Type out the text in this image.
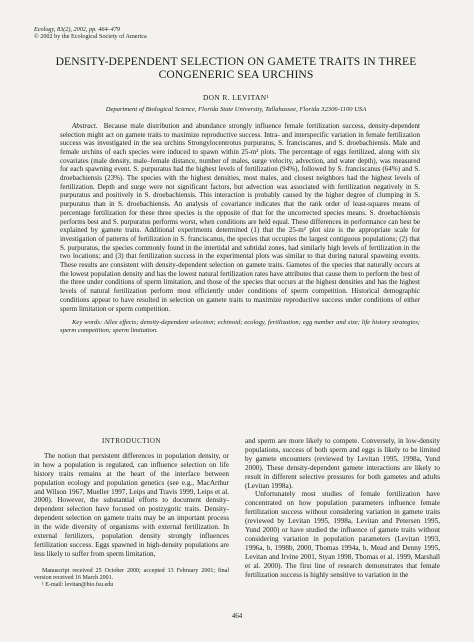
Ecology, 83(2), 2002, pp. 464–479
© 2002 by the Ecological Society of America
DENSITY-DEPENDENT SELECTION ON GAMETE TRAITS IN THREE
CONGENERIC SEA URCHINS
DON R. LEVITAN¹
Department of Biological Science, Florida State University, Tallahassee, Florida 32306-1100 USA

Abstract. Because male distribution and abundance strongly influence female fertilization success, density-dependent selection might act on gamete traits to maximize reproductive success. Intra- and interspecific variation in female fertilization success was investigated in the sea urchins Strongylocentrotus purpuratus, S. franciscanus, and S. droebachiensis. Male and female urchins of each species were induced to spawn within 25-m² plots. The percentage of eggs fertilized, along with six covariates (male density, male–female distance, number of males, surge velocity, advection, and water depth), was measured for each spawning event. S. purpuratus had the highest levels of fertilization (94%), followed by S. franciscanus (64%) and S. droebachiensis (23%). The species with the highest densities, most males, and closest neighbors had the highest levels of fertilization. Depth and surge were not significant factors, but advection was associated with fertilization negatively in S. purpuratus and positively in S. droebachiensis. This interaction is probably caused by the higher degree of clumping in S. purpuratus than in S. droebachiensis. An analysis of covariance indicates that the rank order of least-squares means of percentage fertilization for these three species is the opposite of that for the uncorrected species means. S. droebachiensis performs best and S. purpuratus performs worst, when conditions are held equal. These differences in performance can best be explained by gamete traits. Additional experiments determined (1) that the 25-m² plot size is the appropriate scale for investigation of patterns of fertilization in S. franciscanus, the species that occupies the largest contiguous populations; (2) that S. purpuratus, the species commonly found in the intertidal and subtidal zones, had similarly high levels of fertilization in the two locations; and (3) that fertilization success in the experimental plots was similar to that during natural spawning events. These results are consistent with density-dependent selection on gamete traits. Gametes of the species that naturally occurs at the lowest population density and has the lowest natural fertilization rates have attributes that cause them to perform the best of the three under conditions of sperm limitation, and those of the species that occurs at the highest densities and has the highest levels of natural fertilization perform most efficiently under conditions of sperm competition. Historical demographic conditions appear to have resulted in selection on gamete traits to maximize reproductive success under conditions of either sperm limitation or sperm competition.

Key words: Allee effects; density-dependent selection; echinoid; ecology, fertilization; egg number and size; life history strategies; sperm competition; sperm limitation.
INTRODUCTION

The notion that persistent differences in population density, or in how a population is regulated, can influence selection on life history traits remains at the heart of the interface between population ecology and population genetics (see e.g., MacArthur and Wilson 1967, Mueller 1997, Leips and Travis 1999, Leips et al. 2000). However, the substantial efforts to document density-dependent selection have focused on postzygotic traits. Density-dependent selection on gamete traits may be an important process in the wide diversity of organisms with external fertilization. In external fertilizers, population density strongly influences fertilization success. Eggs spawned in high-density populations are less likely to suffer from sperm limitation,

Manuscript received 25 October 2000; accepted 13 February 2001; final version received 16 March 2001.
¹ E-mail: levitan@bio.fsu.edu

and sperm are more likely to compete. Conversely, in low-density populations, success of both sperm and eggs is likely to be limited by gamete encounters (reviewed by Levitan 1995, 1998a, Yund 2000). These density-dependent gamete interactions are likely to result in different selective pressures for both gametes and adults (Levitan 1998a).

Unfortunately most studies of female fertilization have concentrated on how population parameters influence female fertilization success without considering variation in gamete traits (reviewed by Levitan 1995, 1998a, Levitan and Petersen 1995, Yund 2000) or have studied the influence of gamete traits without considering variation in population parameters (Levitan 1993, 1996a, b, 1998b, 2000, Thomas 1994a, b, Mead and Denny 1995, Levitan and Irvine 2001, Styan 1998, Thomas et al. 1999, Marshall et al. 2000). The first line of research demonstrates that female fertilization success is highly sensitive to variation in the

464
